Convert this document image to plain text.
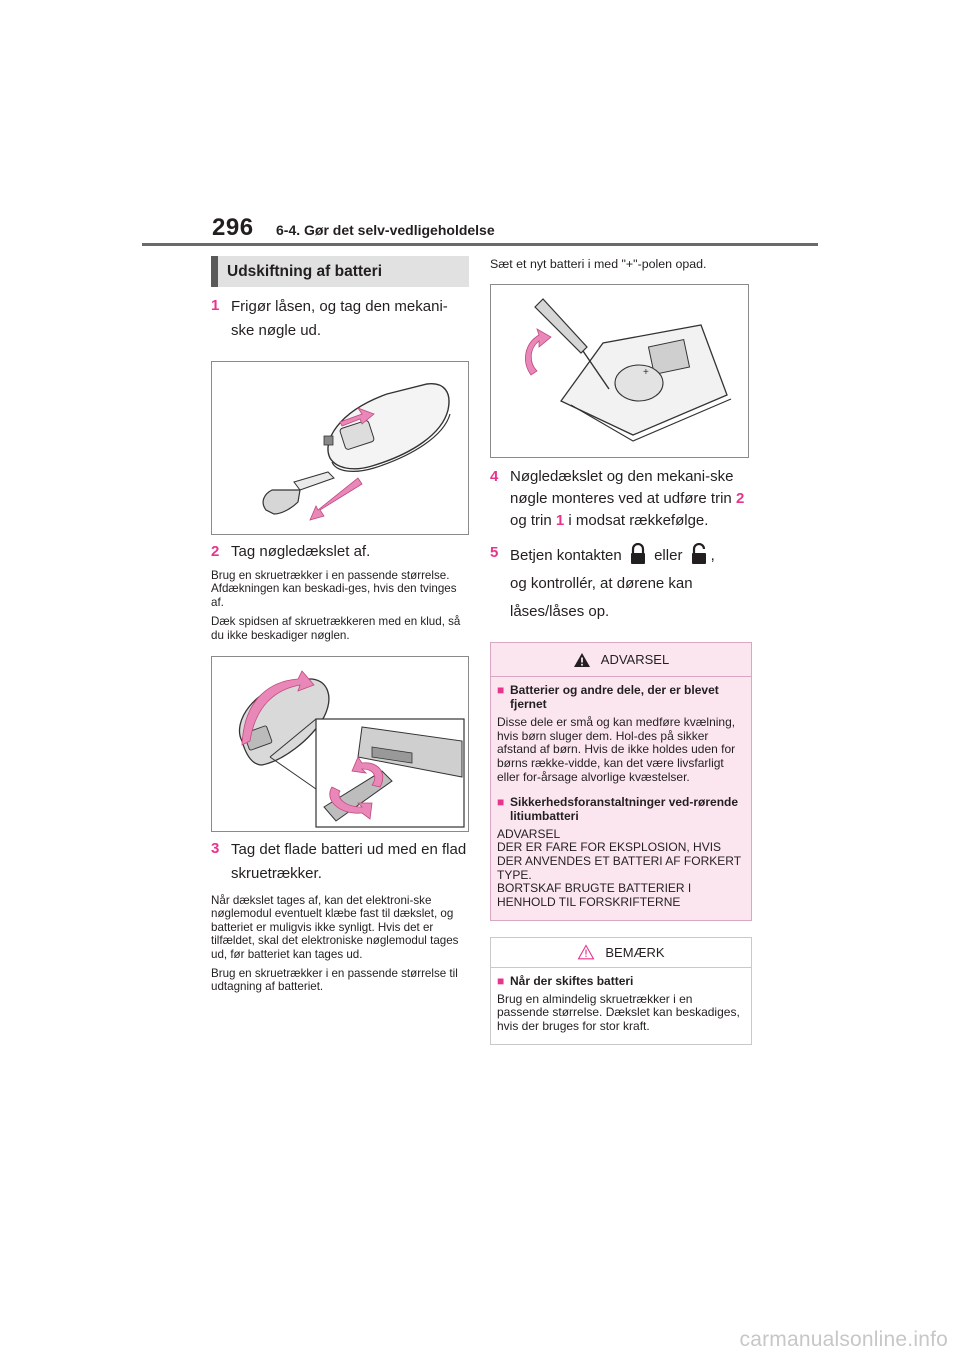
296 6-4. Gør det selv-vedligeholdelse
Udskiftning af batteri
1 Frigør låsen, og tag den mekani-ske nøgle ud.
2 Tag nøgledækslet af.

Brug en skruetrækker i en passende størrelse. Afdækningen kan beskadi-ges, hvis den tvinges af.

Dæk spidsen af skruetrækkeren med en klud, så du ikke beskadiger nøglen.

3 Tag det flade batteri ud med en flad skruetrækker.

Når dækslet tages af, kan det elektroni-ske nøglemodul eventuelt klæbe fast til dækslet, og batteriet er muligvis ikke synligt. Hvis det er tilfældet, skal det elektroniske nøglemodul tages ud, før batteriet kan tages ud.

Brug en skruetrækker i en passende størrelse til udtagning af batteriet.

Sæt et nyt batteri i med "+"-polen opad.

+
4 Nøgledækslet og den mekani-ske nøgle monteres ved at udføre trin 2 og trin 1 i modsat rækkefølge.
5 Betjen kontakten eller ,
og kontrollér, at dørene kan låses/låses op.
ADVARSEL
■ Batterier og andre dele, der er blevet fjernet

Disse dele er små og kan medføre kvælning, hvis børn sluger dem. Hol-des på sikker afstand af børn. Hvis de ikke holdes uden for børns række-vidde, kan det være livsfarligt eller for-årsage alvorlige kvæstelser.

■ Sikkerhedsforanstaltninger ved-rørende litiumbatteri

ADVARSEL

DER ER FARE FOR EKSPLOSION, HVIS DER ANVENDES ET BATTERI AF FORKERT TYPE.

BORTSKAF BRUGTE BATTERIER I HENHOLD TIL FORSKRIFTERNE

BEMÆRK
■ Når der skiftes batteri

Brug en almindelig skruetrækker i en passende størrelse. Dækslet kan beskadiges, hvis der bruges for stor kraft.

carmanualsonline.info
